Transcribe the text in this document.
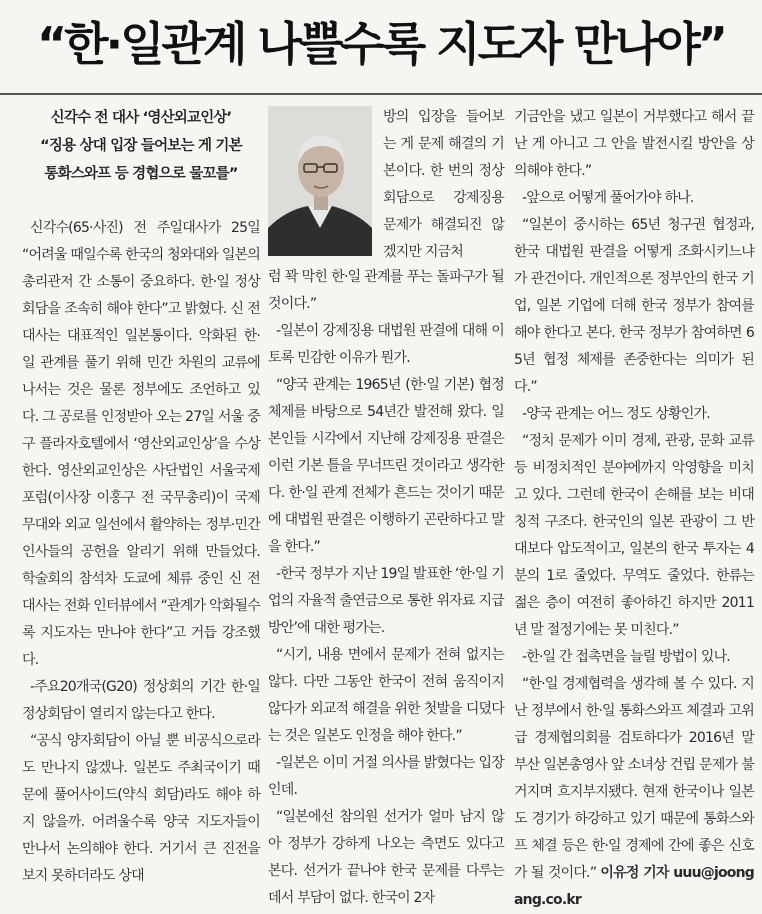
“한·일관계 나쁠수록 지도자 만나야”
신각수 전 대사 ‘영산외교인상’
“징용 상대 입장 들어보는 게 기본
통화스와프 등 경협으로 물꼬를”

신각수(65·사진) 전 주일대사가 25일 “어려울 때일수록 한국의 청와대와 일본의 총리관저 간 소통이 중요하다. 한·일 정상회담을 조속히 해야 한다”고 밝혔다. 신 전 대사는 대표적인 일본통이다. 악화된 한·일 관계를 풀기 위해 민간 차원의 교류에 나서는 것은 물론 정부에도 조언하고 있다. 그 공로를 인정받아 오는 27일 서울 중구 플라자호텔에서 ‘영산외교인상’을 수상한다. 영산외교인상은 사단법인 서울국제포럼(이사장 이홍구 전 국무총리)이 국제무대와 외교 일선에서 활약하는 정부·민간 인사들의 공헌을 알리기 위해 만들었다. 학술회의 참석차 도쿄에 체류 중인 신 전 대사는 전화 인터뷰에서 “관계가 악화될수록 지도자는 만나야 한다”고 거듭 강조했다.

-주요20개국(G20) 정상회의 기간 한·일 정상회담이 열리지 않는다고 한다.

“공식 양자회담이 아닐 뿐 비공식으로라도 만나지 않겠나. 일본도 주최국이기 때문에 풀어사이드(약식 회담)라도 해야 하지 않을까. 어려울수록 양국 지도자들이 만나서 논의해야 한다. 거기서 큰 진전을 보지 못하더라도 상대

방의 입장을 들어보는 게 문제 해결의 기본이다. 한 번의 정상회담으로 강제징용 문제가 해결되진 않겠지만 지금처

럼 꽉 막힌 한·일 관계를 푸는 돌파구가 될 것이다.”

-일본이 강제징용 대법원 판결에 대해 이토록 민감한 이유가 뭔가.

“양국 관계는 1965년 (한·일 기본) 협정 체제를 바탕으로 54년간 발전해 왔다. 일본인들 시각에서 지난해 강제징용 판결은 이런 기본 틀을 무너뜨린 것이라고 생각한다. 한·일 관계 전체가 흔드는 것이기 때문에 대법원 판결은 이행하기 곤란하다고 말을 한다.”

-한국 정부가 지난 19일 발표한 ‘한·일 기업의 자율적 출연금으로 통한 위자료 지급 방안’에 대한 평가는.

“시기, 내용 면에서 문제가 전혀 없지는 않다. 다만 그동안 한국이 전혀 움직이지 않다가 외교적 해결을 위한 첫발을 디뎠다는 것은 일본도 인정을 해야 한다.”

-일본은 이미 거절 의사를 밝혔다는 입장인데.

“일본에선 참의원 선거가 얼마 남지 않아 정부가 강하게 나오는 측면도 있다고 본다. 선거가 끝나야 한국 문제를 다루는 데서 부담이 없다. 한국이 2자

기금안을 냈고 일본이 거부했다고 해서 끝난 게 아니고 그 안을 발전시킬 방안을 상의해야 한다.”

-앞으로 어떻게 풀어가야 하나.

“일본이 중시하는 65년 청구권 협정과, 한국 대법원 판결을 어떻게 조화시키느냐가 관건이다. 개인적으론 정부안의 한국 기업, 일본 기업에 더해 한국 정부가 참여를 해야 한다고 본다. 한국 정부가 참여하면 65년 협정 체제를 존중한다는 의미가 된다.”

-양국 관계는 어느 정도 상황인가.

“정치 문제가 이미 경제, 관광, 문화 교류 등 비정치적인 분야에까지 악영향을 미치고 있다. 그런데 한국이 손해를 보는 비대칭적 구조다. 한국인의 일본 관광이 그 반대보다 압도적이고, 일본의 한국 투자는 4분의 1로 줄었다. 무역도 줄었다. 한류는 젊은 층이 여전히 좋아하긴 하지만 2011년 말 절정기에는 못 미친다.”

-한·일 간 접촉면을 늘릴 방법이 있나.

“한·일 경제협력을 생각해 볼 수 있다. 지난 정부에서 한·일 통화스와프 체결과 고위급 경제협의회를 검토하다가 2016년 말 부산 일본총영사 앞 소녀상 건립 문제가 불거지며 흐지부지됐다. 현재 한국이나 일본도 경기가 하강하고 있기 때문에 통화스와프 체결 등은 한·일 경제에 간에 좋은 신호가 될 것이다.” 이유정 기자 uuu@joongang.co.kr
